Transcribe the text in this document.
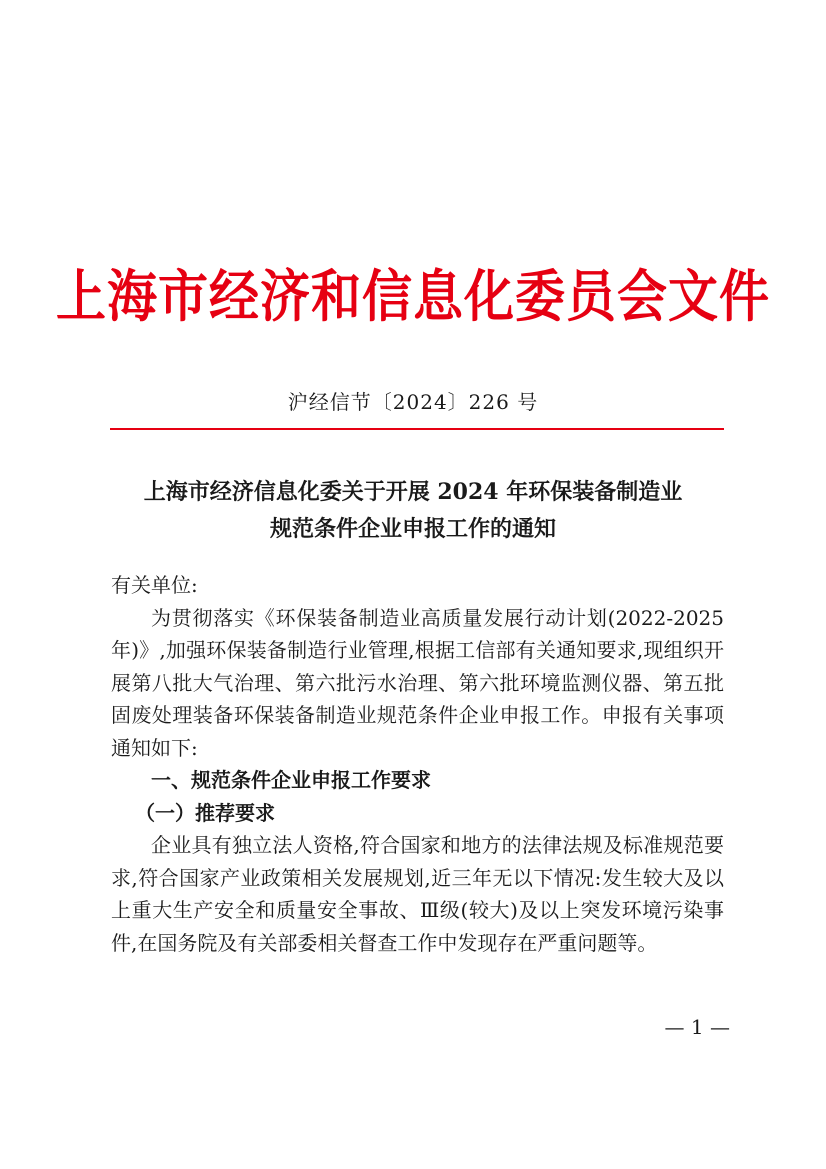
上海市经济和信息化委员会文件
沪经信节〔2024〕226 号
上海市经济信息化委关于开展 2024 年环保装备制造业
规范条件企业申报工作的通知

有关单位:

为贯彻落实《环保装备制造业高质量发展行动计划(2022-2025 年)》,加强环保装备制造行业管理,根据工信部有关通知要求,现组织开展第八批大气治理、第六批污水治理、第六批环境监测仪器、第五批固废处理装备环保装备制造业规范条件企业申报工作。申报有关事项通知如下:

一、规范条件企业申报工作要求

（一）推荐要求

企业具有独立法人资格,符合国家和地方的法律法规及标准规范要求,符合国家产业政策相关发展规划,近三年无以下情况:发生较大及以上重大生产安全和质量安全事故、Ⅲ级(较大)及以上突发环境污染事件,在国务院及有关部委相关督查工作中发现存在严重问题等。

— 1 —
